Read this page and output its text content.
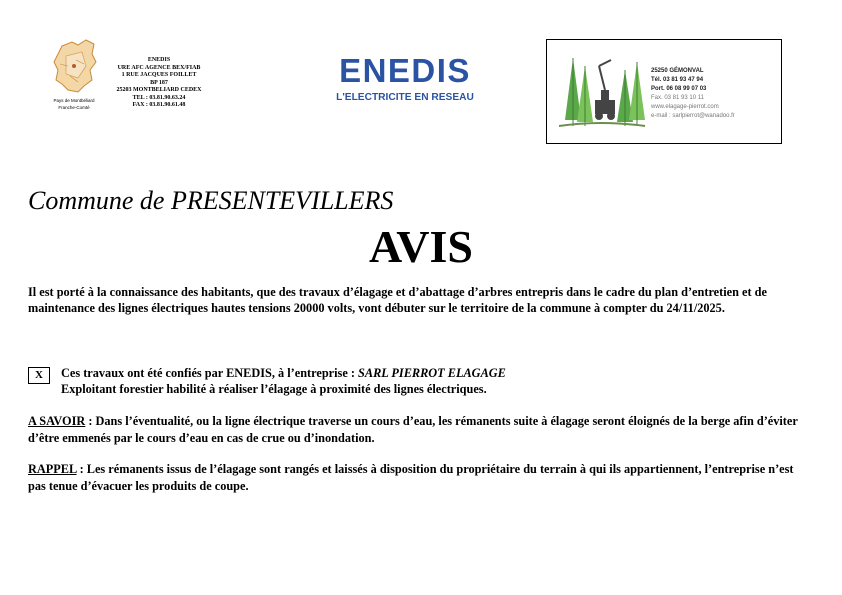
Pays de Montbéliard
Franche-Comté
ENEDIS
URE AFC AGENCE BEX/FIAB
1 RUE JACQUES FOILLET
BP 187
25203 MONTBELIARD CEDEX
TEL : 03.81.90.63.24
FAX : 03.81.90.61.48
ENEDIS
L'ELECTRICITE EN RESEAU
25250 GÉMONVAL
Tél. 03 81 93 47 94
Port. 06 08 99 07 03
Fax. 03 81 93 10 11
www.elagage-pierrot.com
e-mail : sarlpierrot@wanadoo.fr
Commune de PRESENTEVILLERS
AVIS
Il est porté à la connaissance des habitants, que des travaux d’élagage et d’abattage d’arbres entrepris dans le cadre du plan d’entretien et de maintenance des lignes électriques hautes tensions 20000 volts, vont débuter sur le territoire de la commune à compter du 24/11/2025.
X	Ces travaux ont été confiés par ENEDIS, à l’entreprise : SARL PIERROT ELAGAGE
Exploitant forestier habilité à réaliser l’élagage à proximité des lignes électriques.
A SAVOIR : Dans l’éventualité, ou la ligne électrique traverse un cours d’eau, les rémanents suite à élagage seront éloignés de la berge afin d’éviter d’être emmenés par le cours d’eau en cas de crue ou d’inondation.
RAPPEL : Les rémanents issus de l’élagage sont rangés et laissés à disposition du propriétaire du terrain à qui ils appartiennent, l’entreprise n’est pas tenue d’évacuer les produits de coupe.
